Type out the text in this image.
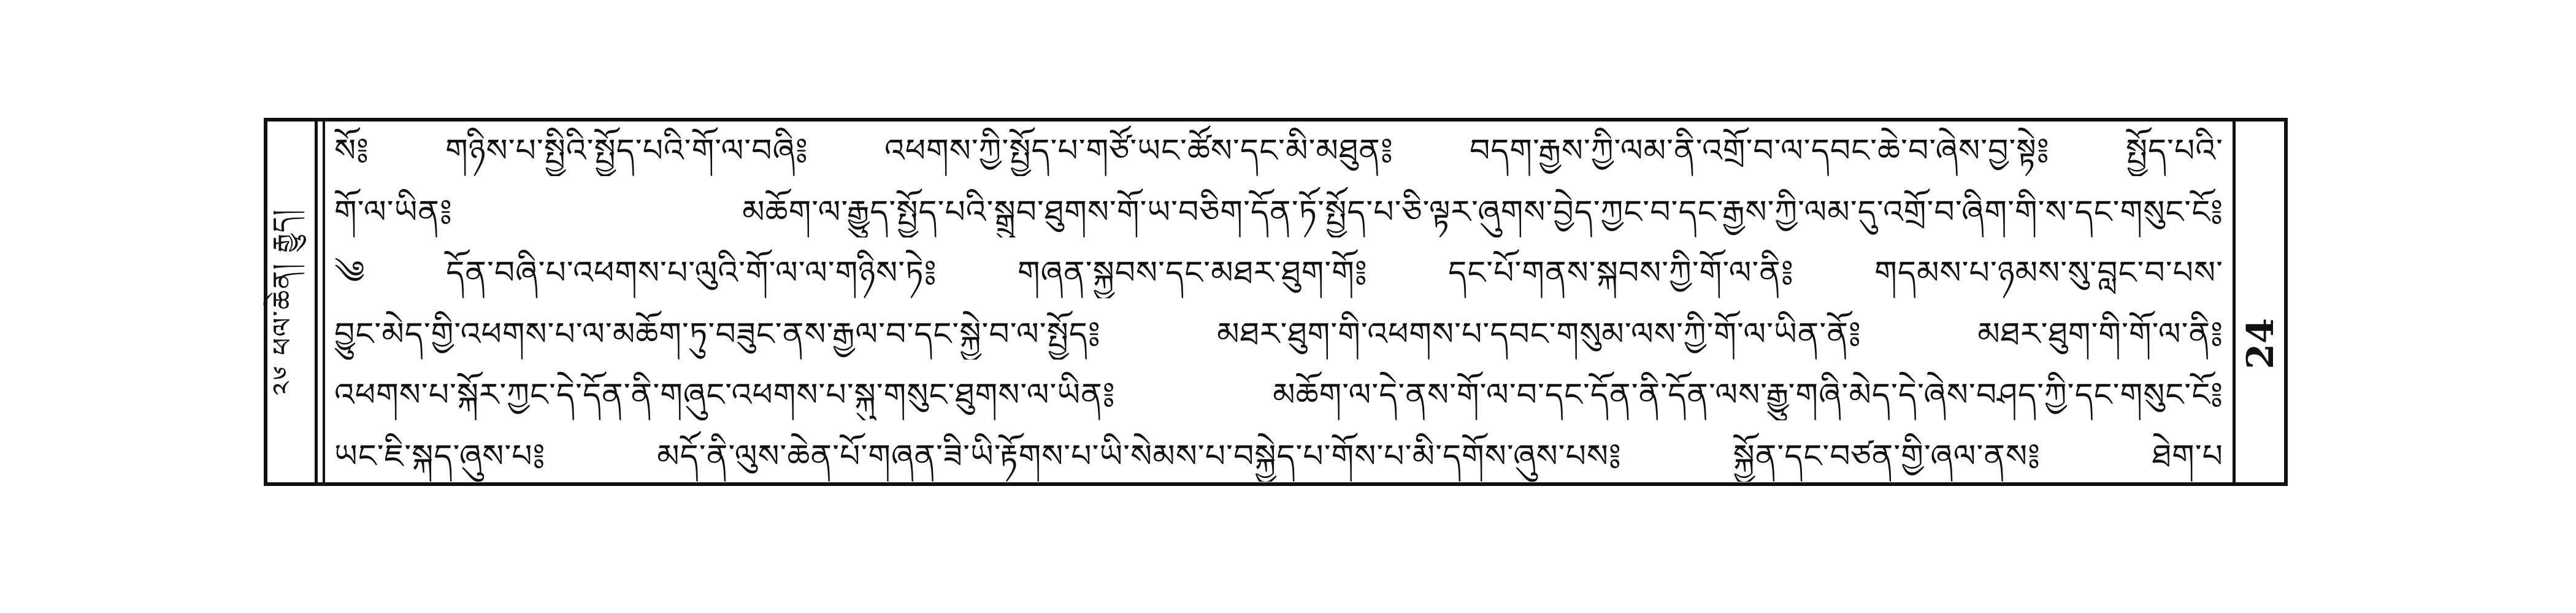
༢༦ ཕལ་ཆེན། རྒྱུད།	24
སོ༔ གཉིས་པ་སྤྱིའི་སྤྱོད་པའི་གོ་ལ་བཞི༔ འཕགས་ཀྱི་སྤྱོད་པ་གཙོ་ཡང་ཚོས་དང་མི་མཐུན༔ བདག་རྒྱས་ཀྱི་ལམ་ནི་འགྲོ་བ་ལ་དབང་ཆེ་བ་ཞེས་བྱ་སྟེ༔ སྤྱོད་པའི་
གོ་ལ་ཡིན༔ མཆོག་ལ་རྒྱུད་སྤྱོད་པའི་སྒྲུབ་ཐུགས་གོ་ཡ་བཅིག་དོན་ཏོ་སྤྱོད་པ་ཅི་ལྟར་ཞུགས་བྱེད་ཀྱང་བ་དང་རྒྱས་ཀྱི་ལམ་དུ་འགྲོ་བ་ཞིག་གི་ས་དང་གསུང་ངོ༔
༄ དོན་བཞི་པ་འཕགས་པ་ལུའི་གོ་ལ་ལ་གཉིས་ཏེ༔ གཞན་སྐྱབས་དང་མཐར་ཐུག་གོ༔ དང་པོ་གནས་སྐབས་ཀྱི་གོ་ལ་ནི༔ གདམས་པ་ཉམས་སུ་བླང་བ་པས་
བྱུང་མེད་གྱི་འཕགས་པ་ལ་མཆོག་ཏུ་བཟུང་ནས་རྒྱལ་བ་དང་སྐྱེ་བ་ལ་སྤྱོད༔ མཐར་ཐུག་གི་འཕགས་པ་དབང་གསུམ་ལས་ཀྱི་གོ་ལ་ཡིན་ནོ༔ མཐར་ཐུག་གི་གོ་ལ་ནི༔
འཕགས་པ་སྐོར་ཀྱང་དེ་དོན་ནི་གཞུང་འཕགས་པ་སྐུ་གསུང་ཐུགས་ལ་ཡིན༔ མཆོག་ལ་དེ་ནས་གོ་ལ་བ་དང་དོན་ནི་དོན་ལས་རྒྱུ་གཞི་མེད་དེ་ཞེས་བཤད་ཀྱི་དང་གསུང་ངོ༔
ཡང་ཇི་སྐད་ཞུས་པ༔ མདོ་ནི་ལུས་ཆེན་པོ་གཞན་ཟི་ཡི་རྟོགས་པ་ཡི་སེམས་པ་བསྐྱེད་པ་གོས་པ་མི་དགོས་ཞུས་པས༔ སྐྱོན་དང་བཙན་གྱི་ཞལ་ནས༔ ཐེག་པ
